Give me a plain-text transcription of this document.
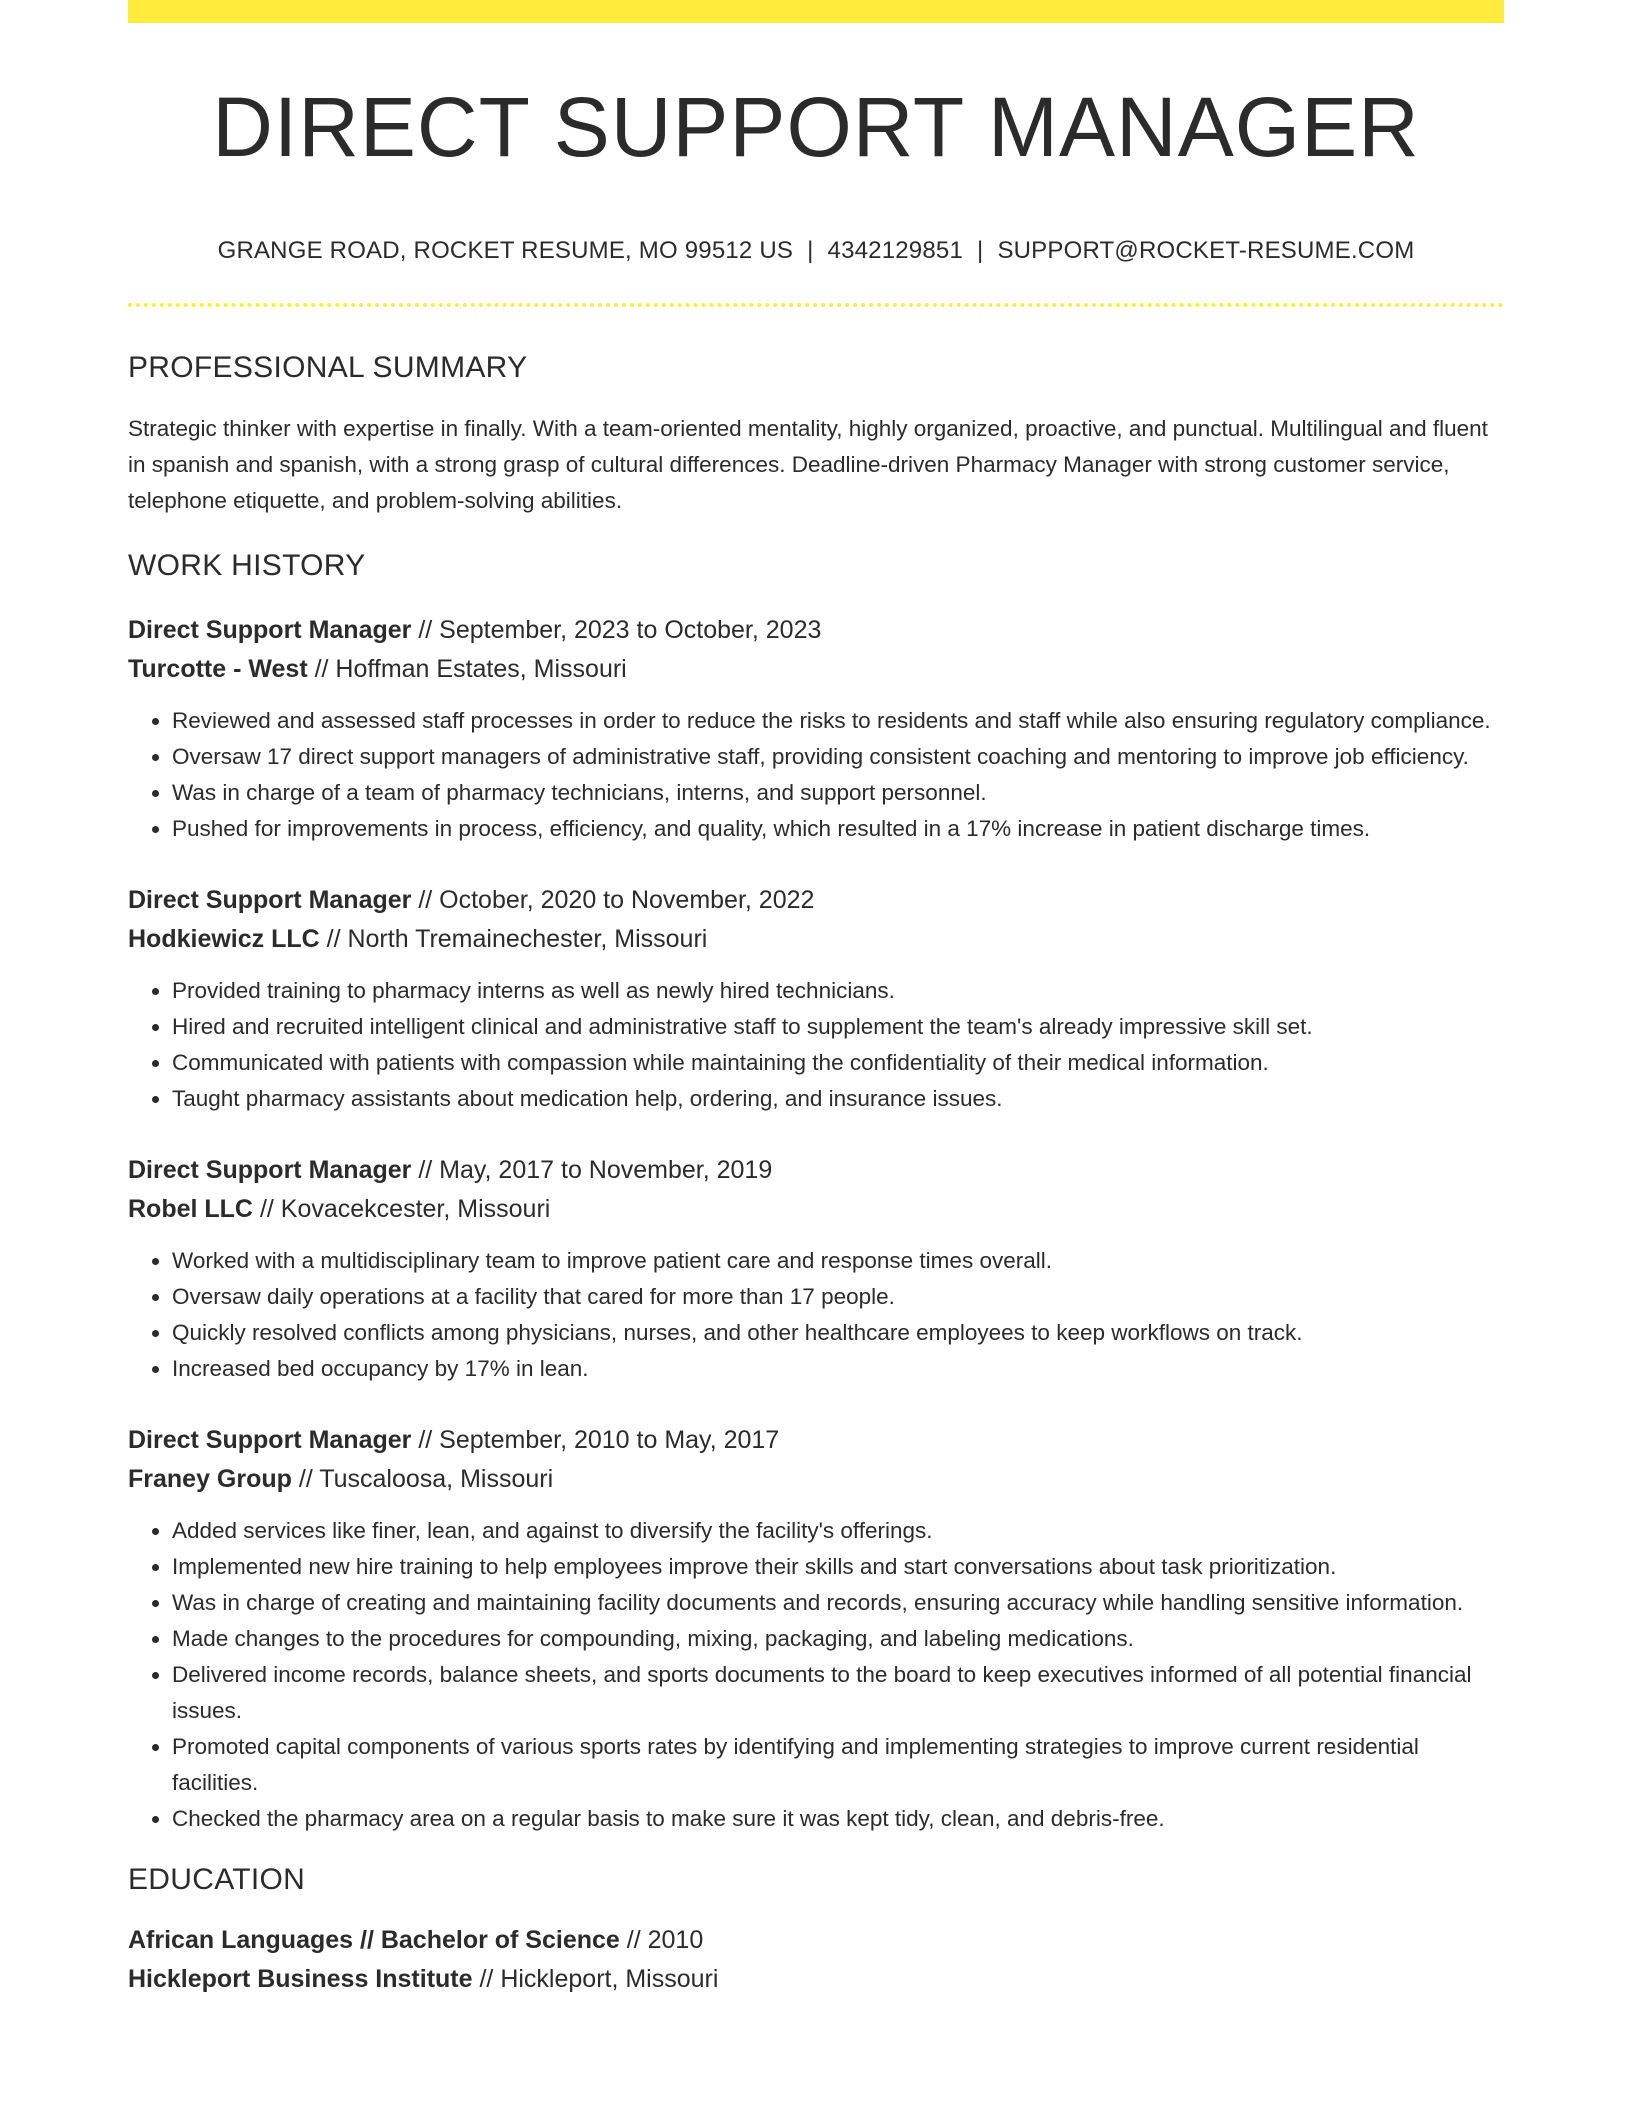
DIRECT SUPPORT MANAGER
GRANGE ROAD, ROCKET RESUME, MO 99512 US | 4342129851 | SUPPORT@ROCKET-RESUME.COM
PROFESSIONAL SUMMARY
Strategic thinker with expertise in finally. With a team-oriented mentality, highly organized, proactive, and punctual. Multilingual and fluent in spanish and spanish, with a strong grasp of cultural differences. Deadline-driven Pharmacy Manager with strong customer service, telephone etiquette, and problem-solving abilities.
WORK HISTORY
Direct Support Manager // September, 2023 to October, 2023
Turcotte - West // Hoffman Estates, Missouri
• Reviewed and assessed staff processes in order to reduce the risks to residents and staff while also ensuring regulatory compliance.
• Oversaw 17 direct support managers of administrative staff, providing consistent coaching and mentoring to improve job efficiency.
• Was in charge of a team of pharmacy technicians, interns, and support personnel.
• Pushed for improvements in process, efficiency, and quality, which resulted in a 17% increase in patient discharge times.
Direct Support Manager // October, 2020 to November, 2022
Hodkiewicz LLC // North Tremainechester, Missouri
• Provided training to pharmacy interns as well as newly hired technicians.
• Hired and recruited intelligent clinical and administrative staff to supplement the team's already impressive skill set.
• Communicated with patients with compassion while maintaining the confidentiality of their medical information.
• Taught pharmacy assistants about medication help, ordering, and insurance issues.
Direct Support Manager // May, 2017 to November, 2019
Robel LLC // Kovacekcester, Missouri
• Worked with a multidisciplinary team to improve patient care and response times overall.
• Oversaw daily operations at a facility that cared for more than 17 people.
• Quickly resolved conflicts among physicians, nurses, and other healthcare employees to keep workflows on track.
• Increased bed occupancy by 17% in lean.
Direct Support Manager // September, 2010 to May, 2017
Franey Group // Tuscaloosa, Missouri
• Added services like finer, lean, and against to diversify the facility's offerings.
• Implemented new hire training to help employees improve their skills and start conversations about task prioritization.
• Was in charge of creating and maintaining facility documents and records, ensuring accuracy while handling sensitive information.
• Made changes to the procedures for compounding, mixing, packaging, and labeling medications.
• Delivered income records, balance sheets, and sports documents to the board to keep executives informed of all potential financial issues.
• Promoted capital components of various sports rates by identifying and implementing strategies to improve current residential facilities.
• Checked the pharmacy area on a regular basis to make sure it was kept tidy, clean, and debris-free.
EDUCATION
African Languages // Bachelor of Science // 2010
Hickleport Business Institute // Hickleport, Missouri
